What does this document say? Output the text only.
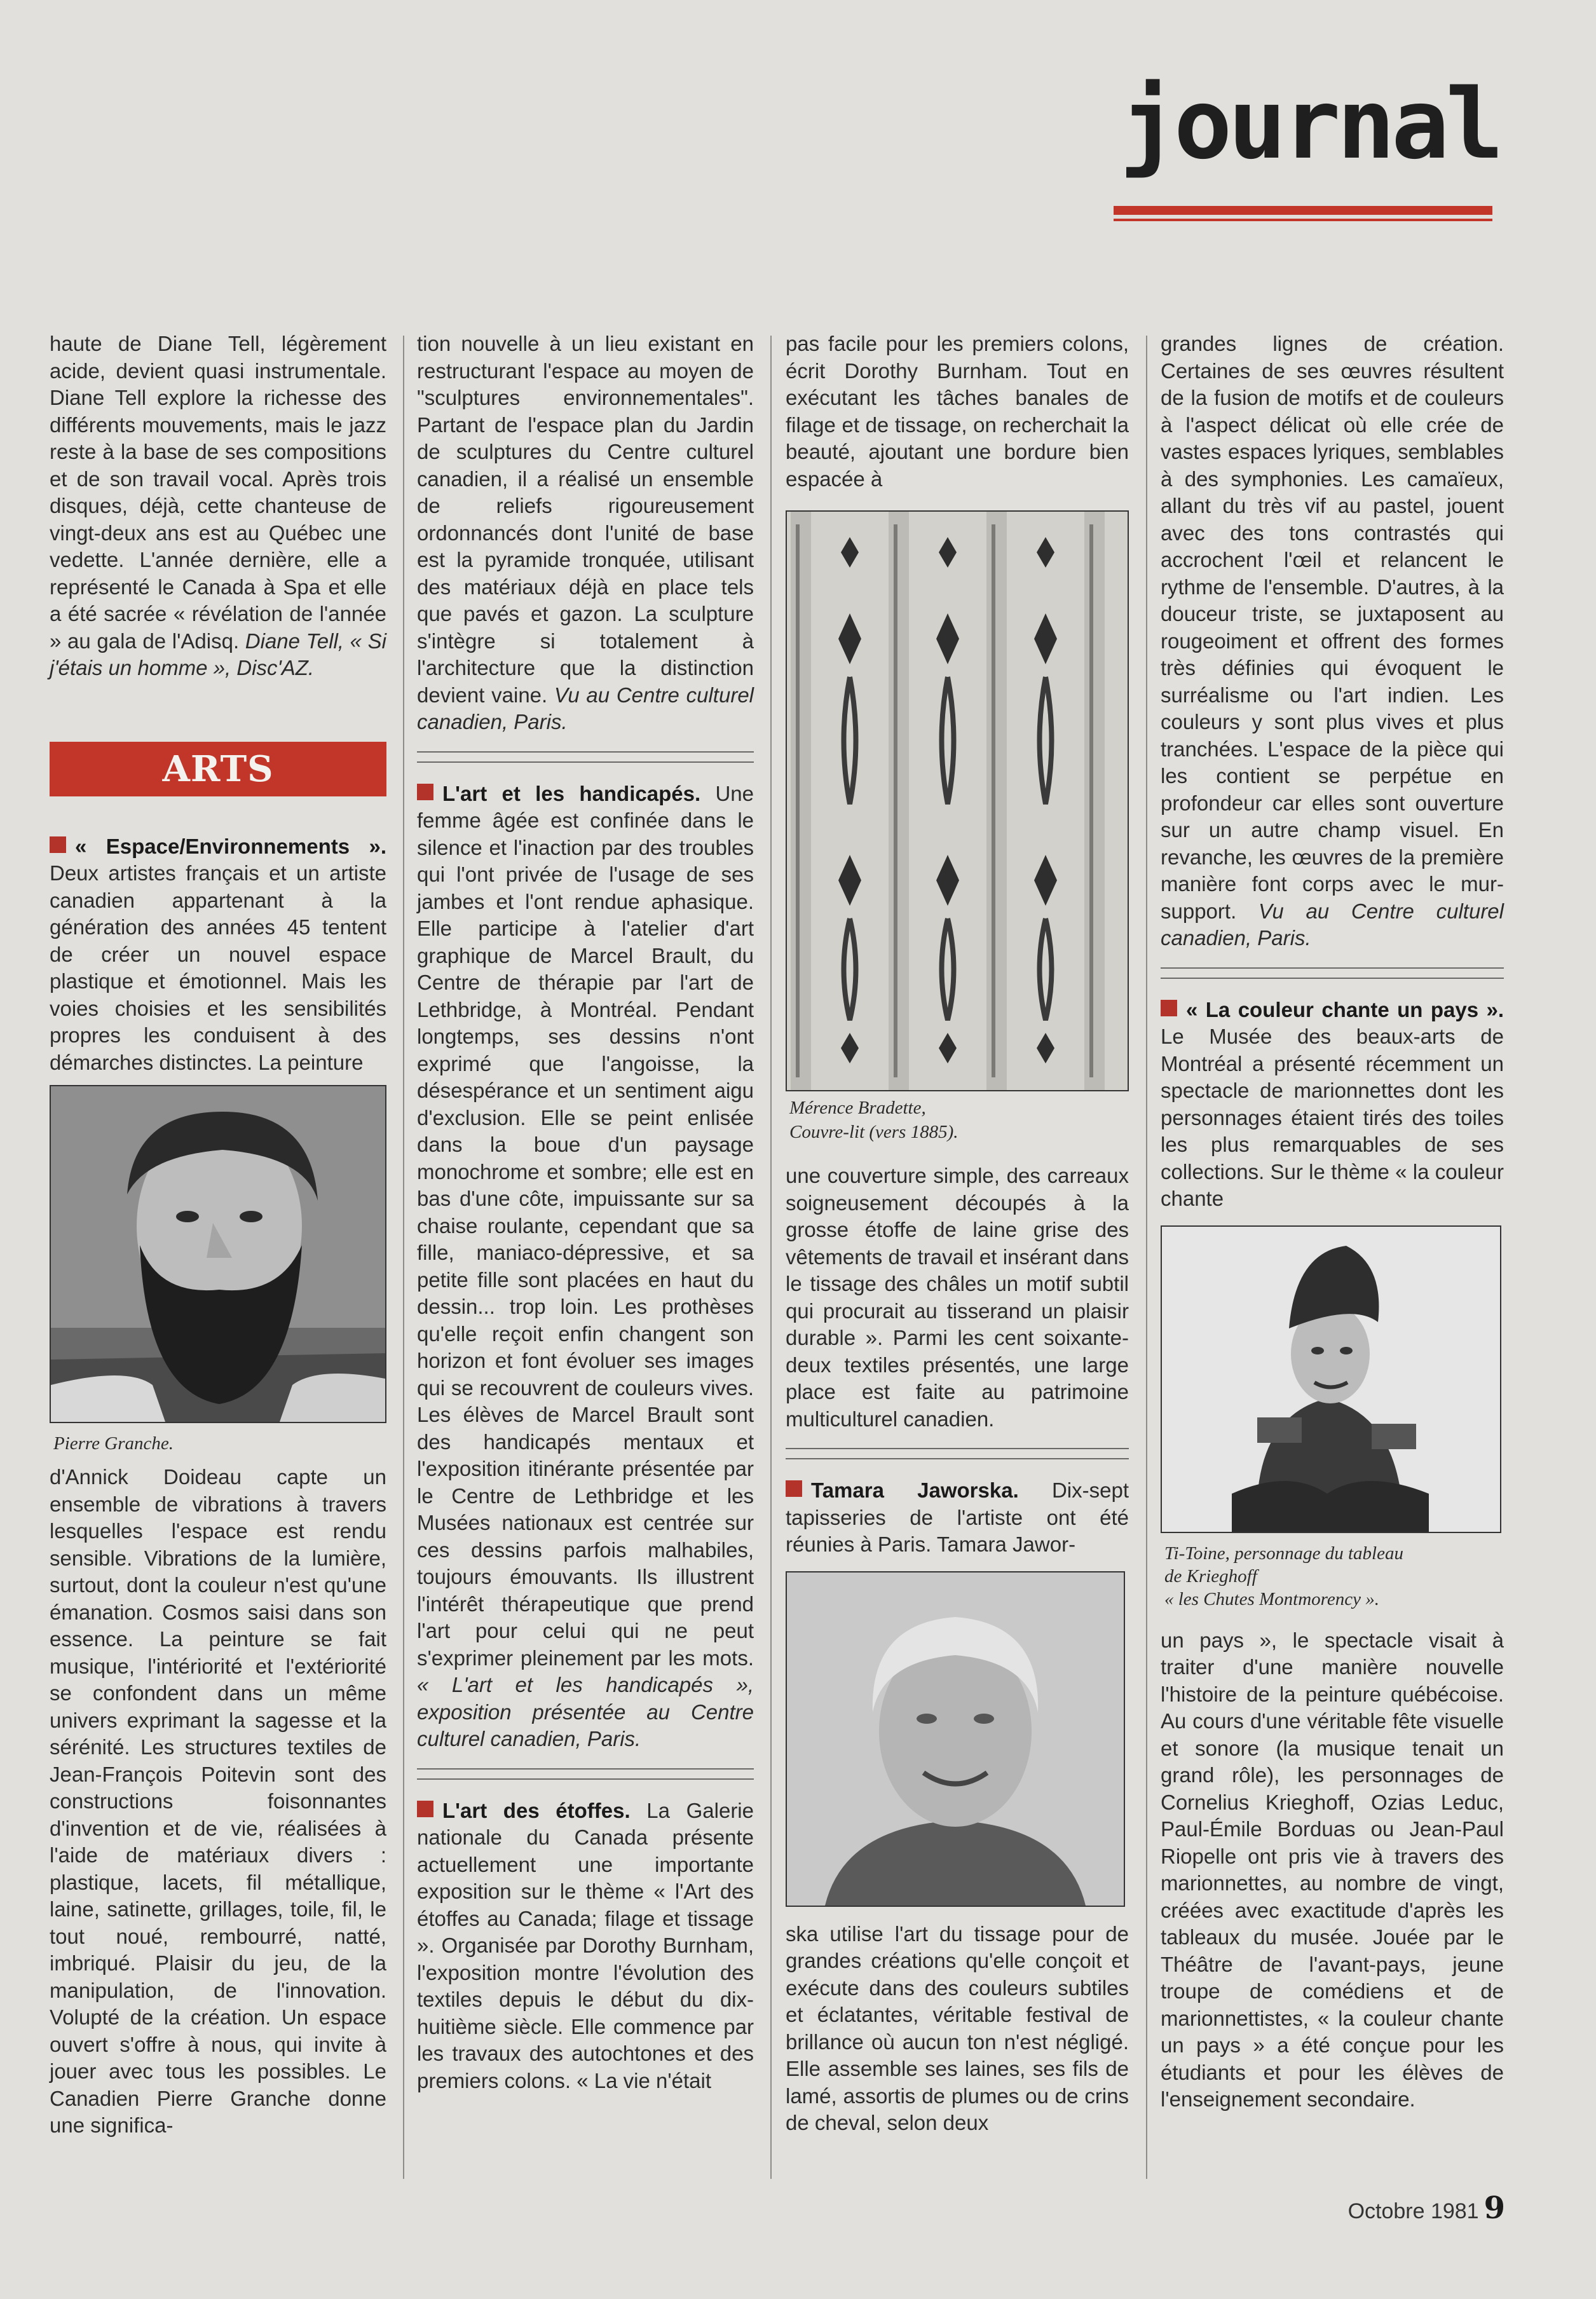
journal

haute de Diane Tell, légèrement acide, devient quasi instrumentale. Diane Tell explore la richesse des différents mouvements, mais le jazz reste à la base de ses compositions et de son travail vocal. Après trois disques, déjà, cette chanteuse de vingt-deux ans est au Québec une vedette. L'année dernière, elle a représenté le Canada à Spa et elle a été sacrée « révélation de l'année » au gala de l'Adisq. Diane Tell, « Si j'étais un homme », Disc'AZ.

ARTS

« Espace/Environnements ». Deux artistes français et un artiste canadien appartenant à la génération des années 45 tentent de créer un nouvel espace plastique et émotionnel. Mais les voies choisies et les sensibilités propres les conduisent à des démarches distinctes. La peinture

Pierre Granche.

d'Annick Doideau capte un ensemble de vibrations à travers lesquelles l'espace est rendu sensible. Vibrations de la lumière, surtout, dont la couleur n'est qu'une émanation. Cosmos saisi dans son essence. La peinture se fait musique, l'intériorité et l'extériorité se confondent dans un même univers exprimant la sagesse et la sérénité. Les structures textiles de Jean-François Poitevin sont des constructions foisonnantes d'invention et de vie, réalisées à l'aide de matériaux divers : plastique, lacets, fil métallique, laine, satinette, grillages, toile, fil, le tout noué, rembourré, natté, imbriqué. Plaisir du jeu, de la manipulation, de l'innovation. Volupté de la création. Un espace ouvert s'offre à nous, qui invite à jouer avec tous les possibles. Le Canadien Pierre Granche donne une significa-

tion nouvelle à un lieu existant en restructurant l'espace au moyen de "sculptures environnementales". Partant de l'espace plan du Jardin de sculptures du Centre culturel canadien, il a réalisé un ensemble de reliefs rigoureusement ordonnancés dont l'unité de base est la pyramide tronquée, utilisant des matériaux déjà en place tels que pavés et gazon. La sculpture s'intègre si totalement à l'architecture que la distinction devient vaine. Vu au Centre culturel canadien, Paris.

L'art et les handicapés. Une femme âgée est confinée dans le silence et l'inaction par des troubles qui l'ont privée de l'usage de ses jambes et l'ont rendue aphasique. Elle participe à l'atelier d'art graphique de Marcel Brault, du Centre de thérapie par l'art de Lethbridge, à Montréal. Pendant longtemps, ses dessins n'ont exprimé que l'angoisse, la désespérance et un sentiment aigu d'exclusion. Elle se peint enlisée dans la boue d'un paysage monochrome et sombre; elle est en bas d'une côte, impuissante sur sa chaise roulante, cependant que sa fille, maniaco-dépressive, et sa petite fille sont placées en haut du dessin... trop loin. Les prothèses qu'elle reçoit enfin changent son horizon et font évoluer ses images qui se recouvrent de couleurs vives. Les élèves de Marcel Brault sont des handicapés mentaux et l'exposition itinérante présentée par le Centre de Lethbridge et les Musées nationaux est centrée sur ces dessins parfois malhabiles, toujours émouvants. Ils illustrent l'intérêt thérapeutique que prend l'art pour celui qui ne peut s'exprimer pleinement par les mots. « L'art et les handicapés », exposition présentée au Centre culturel canadien, Paris.

L'art des étoffes. La Galerie nationale du Canada présente actuellement une importante exposition sur le thème « l'Art des étoffes au Canada; filage et tissage ». Organisée par Dorothy Burnham, l'exposition montre l'évolution des textiles depuis le début du dix-huitième siècle. Elle commence par les travaux des autochtones et des premiers colons. « La vie n'était

pas facile pour les premiers colons, écrit Dorothy Burnham. Tout en exécutant les tâches banales de filage et de tissage, on recherchait la beauté, ajoutant une bordure bien espacée à

Mérence Bradette,
Couvre-lit (vers 1885).

une couverture simple, des carreaux soigneusement découpés à la grosse étoffe de laine grise des vêtements de travail et insérant dans le tissage des châles un motif subtil qui procurait au tisserand un plaisir durable ». Parmi les cent soixante-deux textiles présentés, une large place est faite au patrimoine multiculturel canadien.

Tamara Jaworska. Dix-sept tapisseries de l'artiste ont été réunies à Paris. Tamara Jawor-

ska utilise l'art du tissage pour de grandes créations qu'elle conçoit et exécute dans des couleurs subtiles et éclatantes, véritable festival de brillance où aucun ton n'est négligé. Elle assemble ses laines, ses fils de lamé, assortis de plumes ou de crins de cheval, selon deux

grandes lignes de création. Certaines de ses œuvres résultent de la fusion de motifs et de couleurs à l'aspect délicat où elle crée de vastes espaces lyriques, semblables à des symphonies. Les camaïeux, allant du très vif au pastel, jouent avec des tons contrastés qui accrochent l'œil et relancent le rythme de l'ensemble. D'autres, à la douceur triste, se juxtaposent au rougeoiment et offrent des formes très définies qui évoquent le surréalisme ou l'art indien. Les couleurs y sont plus vives et plus tranchées. L'espace de la pièce qui les contient se perpétue en profondeur car elles sont ouverture sur un autre champ visuel. En revanche, les œuvres de la première manière font corps avec le mur-support. Vu au Centre culturel canadien, Paris.

« La couleur chante un pays ». Le Musée des beaux-arts de Montréal a présenté récemment un spectacle de marionnettes dont les personnages étaient tirés des toiles les plus remarquables de ses collections. Sur le thème « la couleur chante

Ti-Toine, personnage du tableau
de Krieghoff
« les Chutes Montmorency ».

un pays », le spectacle visait à traiter d'une manière nouvelle l'histoire de la peinture québécoise. Au cours d'une véritable fête visuelle et sonore (la musique tenait un grand rôle), les personnages de Cornelius Krieghoff, Ozias Leduc, Paul-Émile Borduas ou Jean-Paul Riopelle ont pris vie à travers des marionnettes, au nombre de vingt, créées avec exactitude d'après les tableaux du musée. Jouée par le Théâtre de l'avant-pays, jeune troupe de comédiens et de marionnettistes, « la couleur chante un pays » a été conçue pour les étudiants et pour les élèves de l'enseignement secondaire.

Octobre 1981 9
